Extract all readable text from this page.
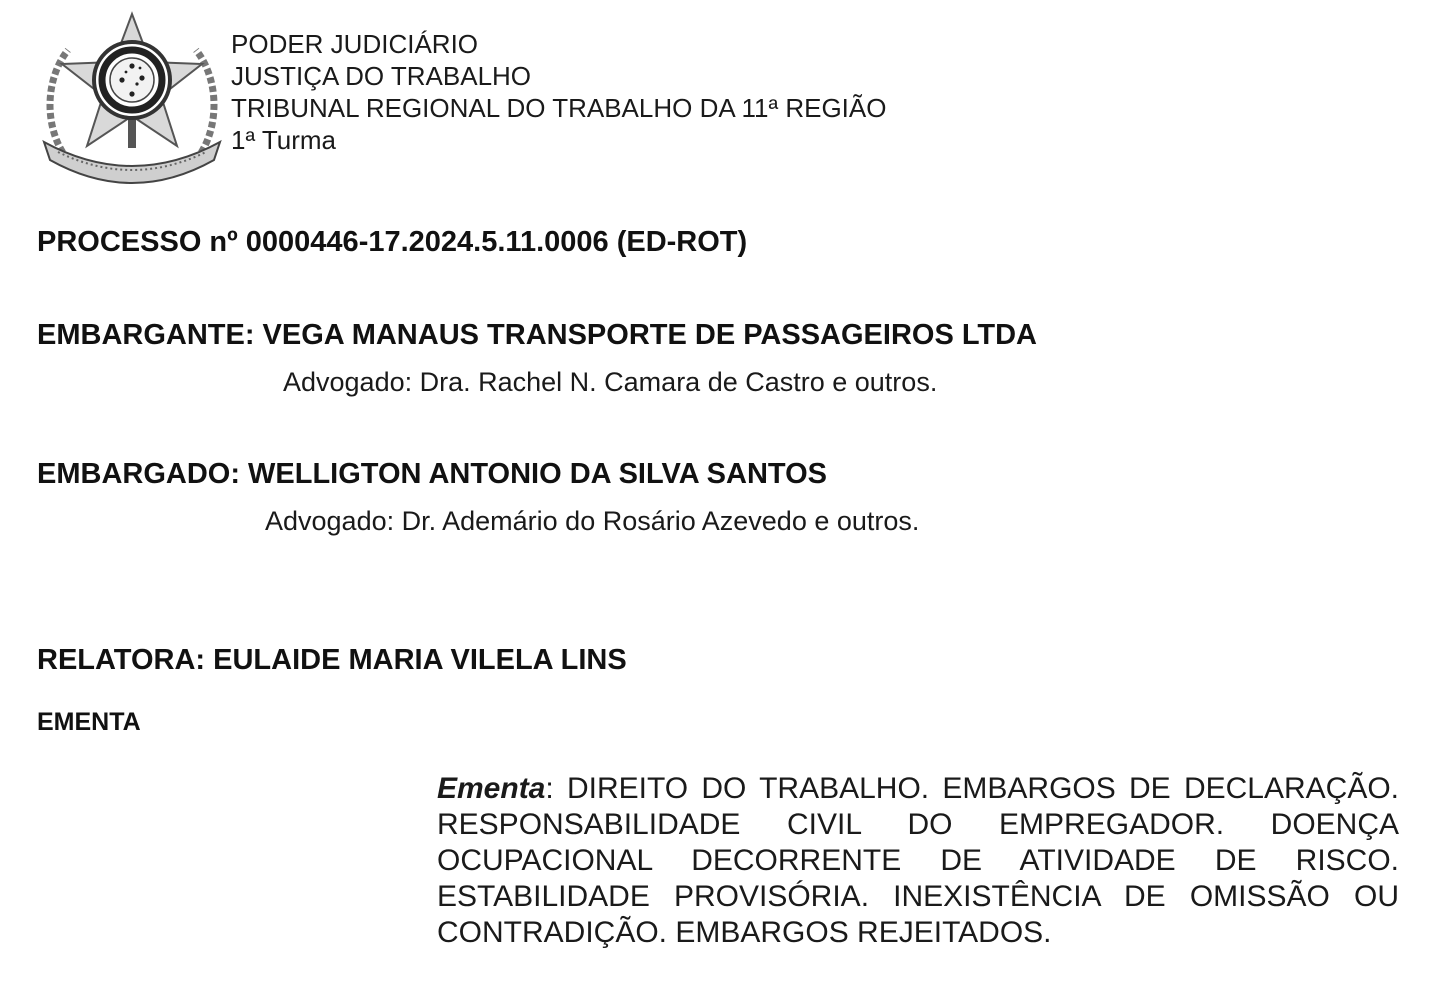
PODER JUDICIÁRIO
JUSTIÇA DO TRABALHO
TRIBUNAL REGIONAL DO TRABALHO DA 11ª REGIÃO
1ª Turma
PROCESSO nº 0000446-17.2024.5.11.0006 (ED-ROT)
EMBARGANTE: VEGA MANAUS TRANSPORTE DE PASSAGEIROS LTDA
Advogado: Dra. Rachel N. Camara de Castro e outros.
EMBARGADO: WELLIGTON ANTONIO DA SILVA SANTOS
Advogado: Dr. Ademário do Rosário Azevedo e outros.
RELATORA: EULAIDE MARIA VILELA LINS
EMENTA
Ementa: DIREITO DO TRABALHO. EMBARGOS DE DECLARAÇÃO. RESPONSABILIDADE CIVIL DO EMPREGADOR. DOENÇA OCUPACIONAL DECORRENTE DE ATIVIDADE DE RISCO. ESTABILIDADE PROVISÓRIA. INEXISTÊNCIA DE OMISSÃO OU CONTRADIÇÃO. EMBARGOS REJEITADOS.
